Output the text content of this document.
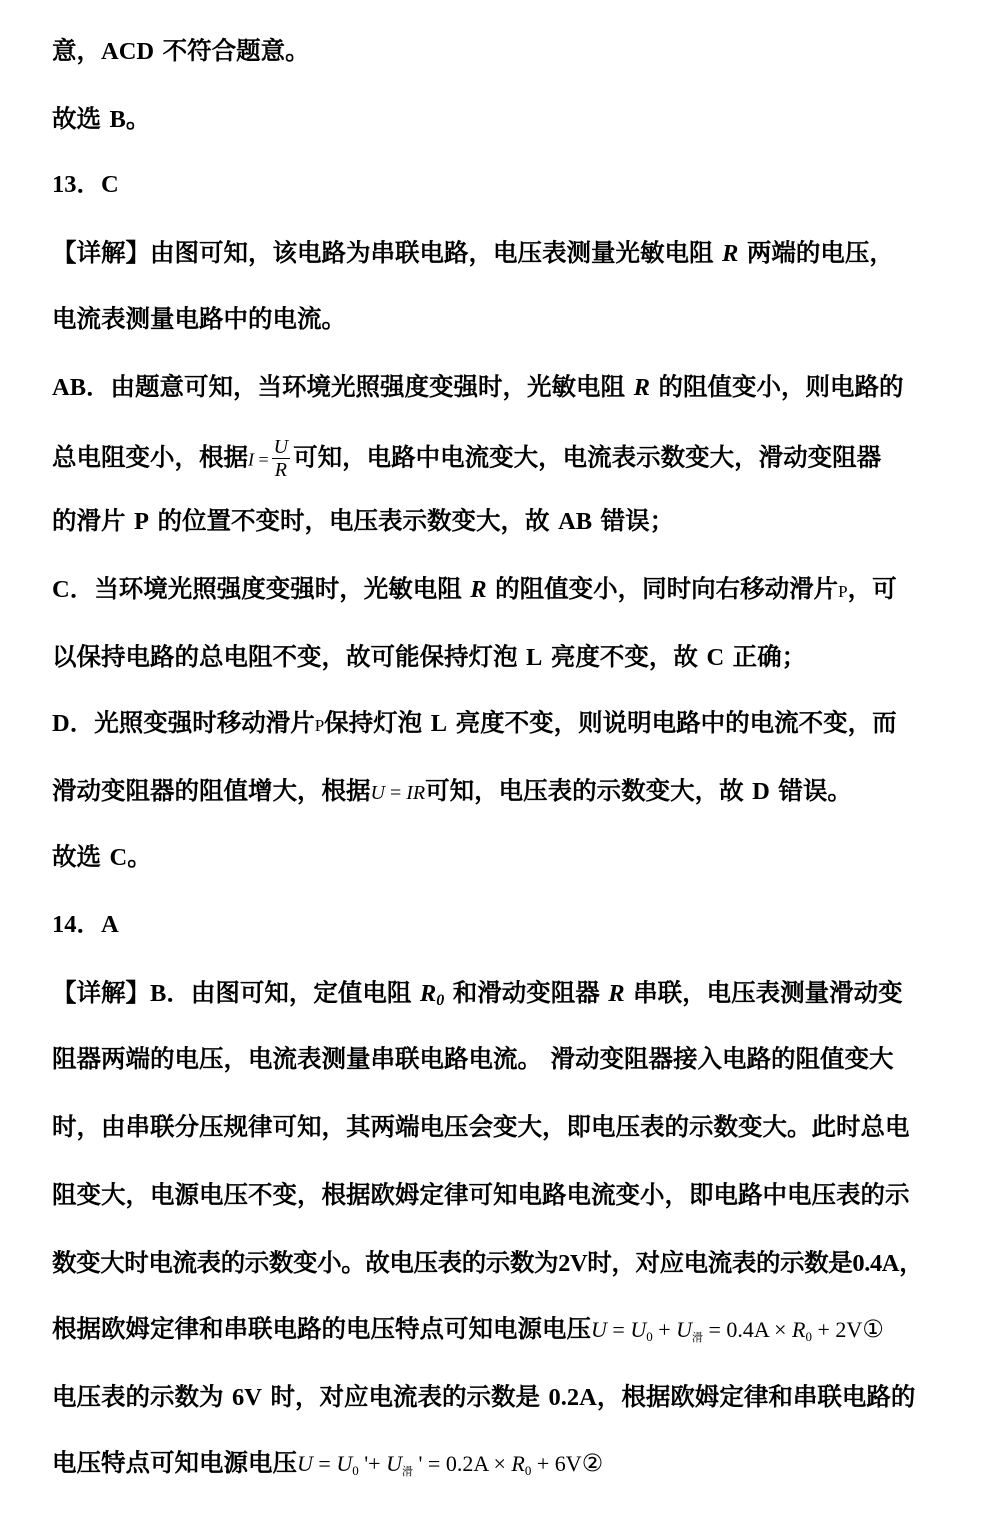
意，ACD 不符合题意。
故选 B。
13．C
【详解】由图可知，该电路为串联电路，电压表测量光敏电阻 R 两端的电压，
电流表测量电路中的电流。
AB．由题意可知，当环境光照强度变强时，光敏电阻 R 的阻值变小，则电路的
总电阻变小，根据$I = \frac{U}{R}$ 可知，电路中电流变大，电流表示数变大，滑动变阻器
的滑片 P 的位置不变时，电压表示数变大，故 AB 错误；
C．当环境光照强度变强时，光敏电阻 R 的阻值变小，同时向右移动滑片P，可
以保持电路的总电阻不变，故可能保持灯泡 L 亮度不变，故 C 正确；
D．光照变强时移动滑片P保持灯泡 L 亮度不变，则说明电路中的电流不变，而
滑动变阻器的阻值增大，根据U = IR可知，电压表的示数变大，故 D 错误。
故选 C。
14．A
【详解】B．由图可知，定值电阻 R0 和滑动变阻器 R 串联，电压表测量滑动变
阻器两端的电压，电流表测量串联电路电流。 滑动变阻器接入电路的阻值变大
时，由串联分压规律可知，其两端电压会变大，即电压表的示数变大。此时总电
阻变大，电源电压不变，根据欧姆定律可知电路电流变小，即电路中电压表的示
数变大时电流表的示数变小。故电压表的示数为2V时，对应电流表的示数是0.4A，
根据欧姆定律和串联电路的电压特点可知电源电压$U = U_0 + U$滑 = $0.4A \times R_0$ + 2V①
电压表的示数为 6V 时，对应电流表的示数是 0.2A，根据欧姆定律和串联电路的
电压特点可知电源电压$U = U_0$ '+ U滑 ' = $0.2A \times R_0$ + 6V②
